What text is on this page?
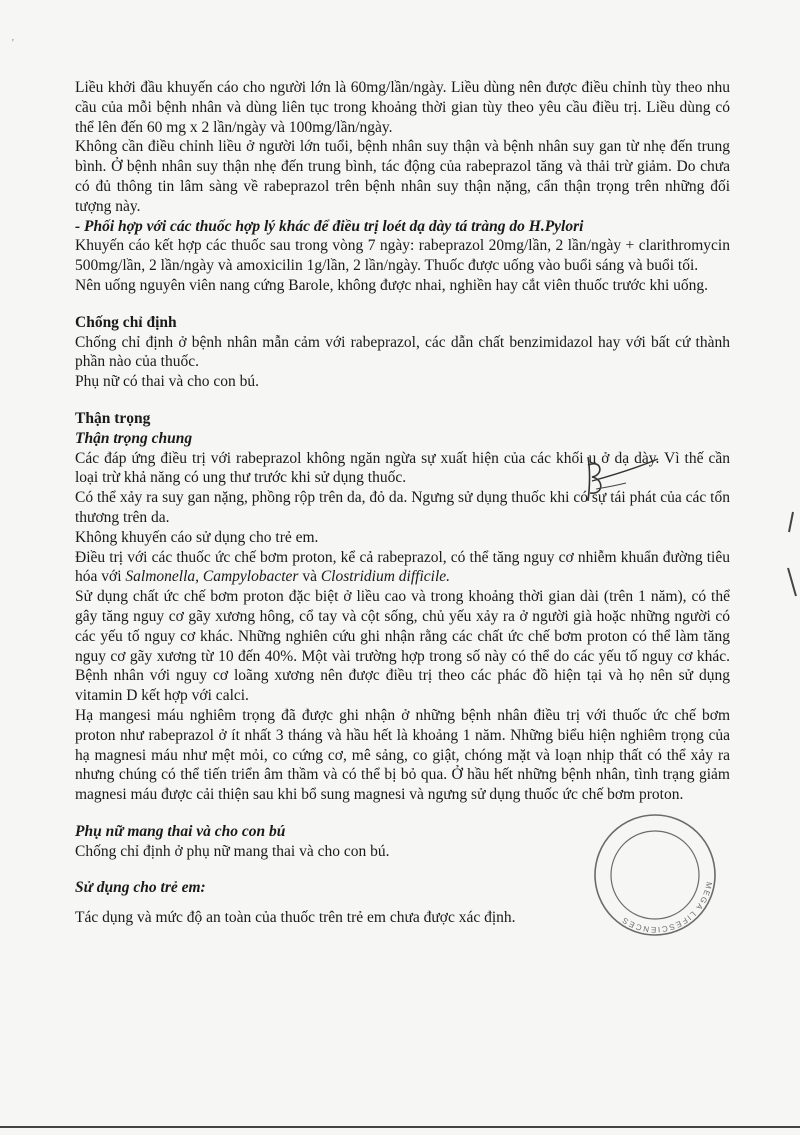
'

Liều khởi đầu khuyến cáo cho người lớn là 60mg/lần/ngày. Liều dùng nên được điều chỉnh tùy theo nhu cầu của mỗi bệnh nhân và dùng liên tục trong khoảng thời gian tùy theo yêu cầu điều trị. Liều dùng có thể lên đến 60 mg x 2 lần/ngày và 100mg/lần/ngày.

Không cần điều chỉnh liều ở người lớn tuổi, bệnh nhân suy thận và bệnh nhân suy gan từ nhẹ đến trung bình. Ở bệnh nhân suy thận nhẹ đến trung bình, tác động của rabeprazol tăng và thải trừ giảm. Do chưa có đủ thông tin lâm sàng về rabeprazol trên bệnh nhân suy thận nặng, cẩn thận trọng trên những đối tượng này.

- Phối hợp với các thuốc hợp lý khác để điều trị loét dạ dày tá tràng do H.Pylori

Khuyến cáo kết hợp các thuốc sau trong vòng 7 ngày: rabeprazol 20mg/lần, 2 lần/ngày + clarithromycin 500mg/lần, 2 lần/ngày và amoxicilin 1g/lần, 2 lần/ngày. Thuốc được uống vào buổi sáng và buổi tối.

Nên uống nguyên viên nang cứng Barole, không được nhai, nghiền hay cắt viên thuốc trước khi uống.

Chống chỉ định

Chống chỉ định ở bệnh nhân mẫn cảm với rabeprazol, các dẫn chất benzimidazol hay với bất cứ thành phần nào của thuốc.

Phụ nữ có thai và cho con bú.

Thận trọng

Thận trọng chung

Các đáp ứng điều trị với rabeprazol không ngăn ngừa sự xuất hiện của các khối u ở dạ dày. Vì thế cần loại trừ khả năng có ung thư trước khi sử dụng thuốc.

Có thể xảy ra suy gan nặng, phồng rộp trên da, đỏ da. Ngưng sử dụng thuốc khi có sự tái phát của các tổn thương trên da.

Không khuyến cáo sử dụng cho trẻ em.

Điều trị với các thuốc ức chế bơm proton, kể cả rabeprazol, có thể tăng nguy cơ nhiễm khuẩn đường tiêu hóa với Salmonella, Campylobacter và Clostridium difficile.

Sử dụng chất ức chế bơm proton đặc biệt ở liều cao và trong khoảng thời gian dài (trên 1 năm), có thể gây tăng nguy cơ gãy xương hông, cổ tay và cột sống, chủ yếu xảy ra ở người già hoặc những người có các yếu tố nguy cơ khác. Những nghiên cứu ghi nhận rằng các chất ức chế bơm proton có thể làm tăng nguy cơ gãy xương từ 10 đến 40%. Một vài trường hợp trong số này có thể do các yếu tố nguy cơ khác. Bệnh nhân với nguy cơ loãng xương nên được điều trị theo các phác đồ hiện tại và họ nên sử dụng vitamin D kết hợp với calci.

Hạ mangesi máu nghiêm trọng đã được ghi nhận ở những bệnh nhân điều trị với thuốc ức chế bơm proton như rabeprazol ở ít nhất 3 tháng và hầu hết là khoảng 1 năm. Những biểu hiện nghiêm trọng của hạ magnesi máu như mệt mỏi, co cứng cơ, mê sảng, co giật, chóng mặt và loạn nhịp thất có thể xảy ra nhưng chúng có thể tiến triển âm thầm và có thể bị bỏ qua. Ở hầu hết những bệnh nhân, tình trạng giảm magnesi máu được cải thiện sau khi bổ sung magnesi và ngưng sử dụng thuốc ức chế bơm proton.

Phụ nữ mang thai và cho con bú

Chống chỉ định ở phụ nữ mang thai và cho con bú.

Sử dụng cho trẻ em:

Tác dụng và mức độ an toàn của thuốc trên trẻ em chưa được xác định.

MEGA LIFESCIENCES
